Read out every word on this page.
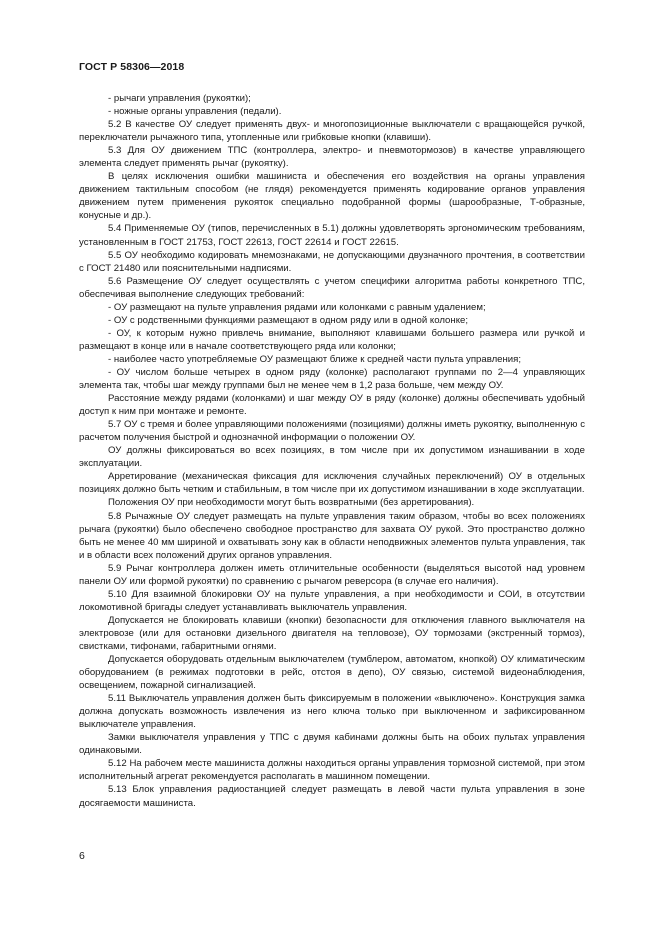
ГОСТ Р 58306—2018

- рычаги управления (рукоятки);

- ножные органы управления (педали).

5.2 В качестве ОУ следует применять двух- и многопозиционные выключатели с вращающейся ручкой, переключатели рычажного типа, утопленные или грибковые кнопки (клавиши).

5.3 Для ОУ движением ТПС (контроллера, электро- и пневмотормозов) в качестве управляющего элемента следует применять рычаг (рукоятку).

В целях исключения ошибки машиниста и обеспечения его воздействия на органы управления движением тактильным способом (не глядя) рекомендуется применять кодирование органов управления движением путем применения рукояток специально подобранной формы (шарообразные, Т-образные, конусные и др.).

5.4 Применяемые ОУ (типов, перечисленных в 5.1) должны удовлетворять эргономическим требованиям, установленным в ГОСТ 21753, ГОСТ 22613, ГОСТ 22614 и ГОСТ 22615.

5.5 ОУ необходимо кодировать мнемознаками, не допускающими двузначного прочтения, в соответствии с ГОСТ 21480 или пояснительными надписями.

5.6 Размещение ОУ следует осуществлять с учетом специфики алгоритма работы конкретного ТПС, обеспечивая выполнение следующих требований:

- ОУ размещают на пульте управления рядами или колонками с равным удалением;

- ОУ с родственными функциями размещают в одном ряду или в одной колонке;

- ОУ, к которым нужно привлечь внимание, выполняют клавишами большего размера или ручкой и размещают в конце или в начале соответствующего ряда или колонки;

- наиболее часто употребляемые ОУ размещают ближе к средней части пульта управления;

- ОУ числом больше четырех в одном ряду (колонке) располагают группами по 2—4 управляющих элемента так, чтобы шаг между группами был не менее чем в 1,2 раза больше, чем между ОУ.

Расстояние между рядами (колонками) и шаг между ОУ в ряду (колонке) должны обеспечивать удобный доступ к ним при монтаже и ремонте.

5.7 ОУ с тремя и более управляющими положениями (позициями) должны иметь рукоятку, выполненную с расчетом получения быстрой и однозначной информации о положении ОУ.

ОУ должны фиксироваться во всех позициях, в том числе при их допустимом изнашивании в ходе эксплуатации.

Арретирование (механическая фиксация для исключения случайных переключений) ОУ в отдельных позициях должно быть четким и стабильным, в том числе при их допустимом изнашивании в ходе эксплуатации.

Положения ОУ при необходимости могут быть возвратными (без арретирования).

5.8 Рычажные ОУ следует размещать на пульте управления таким образом, чтобы во всех положениях рычага (рукоятки) было обеспечено свободное пространство для захвата ОУ рукой. Это пространство должно быть не менее 40 мм шириной и охватывать зону как в области неподвижных элементов пульта управления, так и в области всех положений других органов управления.

5.9 Рычаг контроллера должен иметь отличительные особенности (выделяться высотой над уровнем панели ОУ или формой рукоятки) по сравнению с рычагом реверсора (в случае его наличия).

5.10 Для взаимной блокировки ОУ на пульте управления, а при необходимости и СОИ, в отсутствии локомотивной бригады следует устанавливать выключатель управления.

Допускается не блокировать клавиши (кнопки) безопасности для отключения главного выключателя на электровозе (или для остановки дизельного двигателя на тепловозе), ОУ тормозами (экстренный тормоз), свистками, тифонами, габаритными огнями.

Допускается оборудовать отдельным выключателем (тумблером, автоматом, кнопкой) ОУ климатическим оборудованием (в режимах подготовки в рейс, отстоя в депо), ОУ связью, системой видеонаблюдения, освещением, пожарной сигнализацией.

5.11 Выключатель управления должен быть фиксируемым в положении «выключено». Конструкция замка должна допускать возможность извлечения из него ключа только при выключенном и зафиксированном выключателе управления.

Замки выключателя управления у ТПС с двумя кабинами должны быть на обоих пультах управления одинаковыми.

5.12 На рабочем месте машиниста должны находиться органы управления тормозной системой, при этом исполнительный агрегат рекомендуется располагать в машинном помещении.

5.13 Блок управления радиостанцией следует размещать в левой части пульта управления в зоне досягаемости машиниста.

6
